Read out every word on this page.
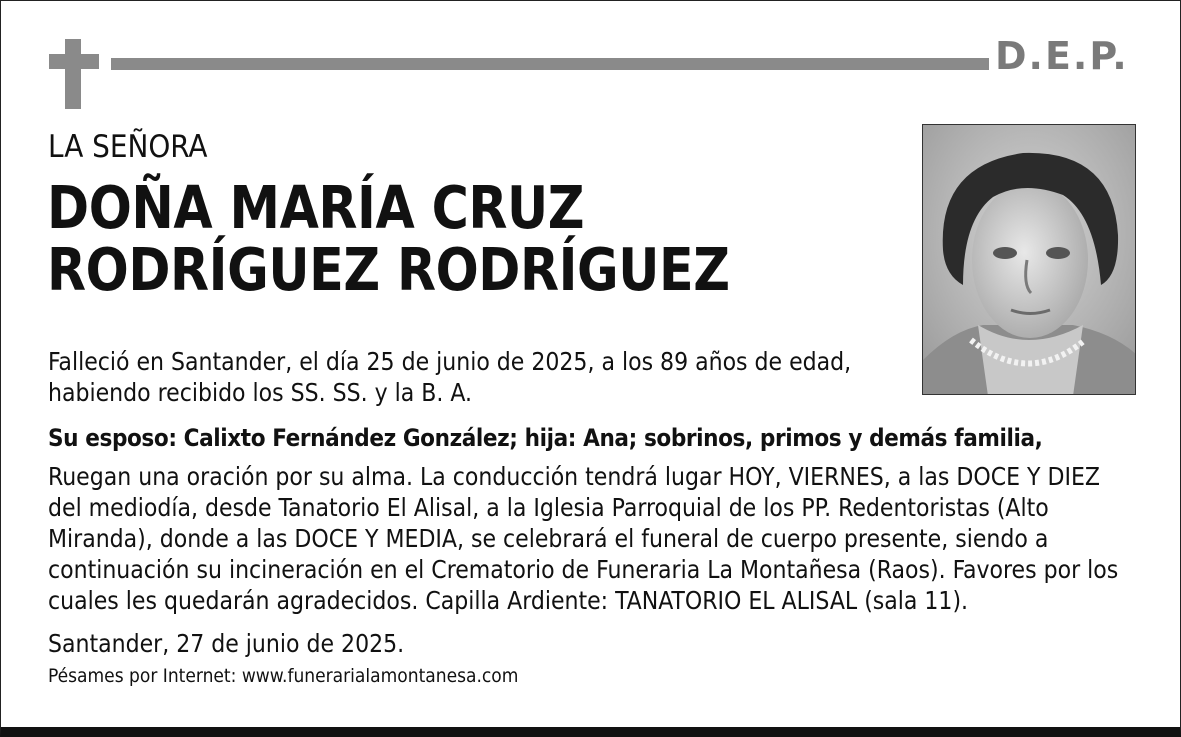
D.E.P.
LA SEÑORA
DOÑA MARÍA CRUZ
RODRÍGUEZ RODRÍGUEZ

Falleció en Santander, el día 25 de junio de 2025, a los 89 años de edad, habiendo recibido los SS. SS. y la B. A.

Su esposo: Calixto Fernández González; hija: Ana; sobrinos, primos y demás familia,

Ruegan una oración por su alma. La conducción tendrá lugar HOY, VIERNES, a las DOCE Y DIEZ del mediodía, desde Tanatorio El Alisal, a la Iglesia Parroquial de los PP. Redentoristas (Alto Miranda), donde a las DOCE Y MEDIA, se celebrará el funeral de cuerpo presente, siendo a continuación su incineración en el Crematorio de Funeraria La Montañesa (Raos). Favores por los cuales les quedarán agradecidos. Capilla Ardiente: TANATORIO EL ALISAL (sala 11).

Santander, 27 de junio de 2025.

Pésames por Internet: www.funerarialamontanesa.com
